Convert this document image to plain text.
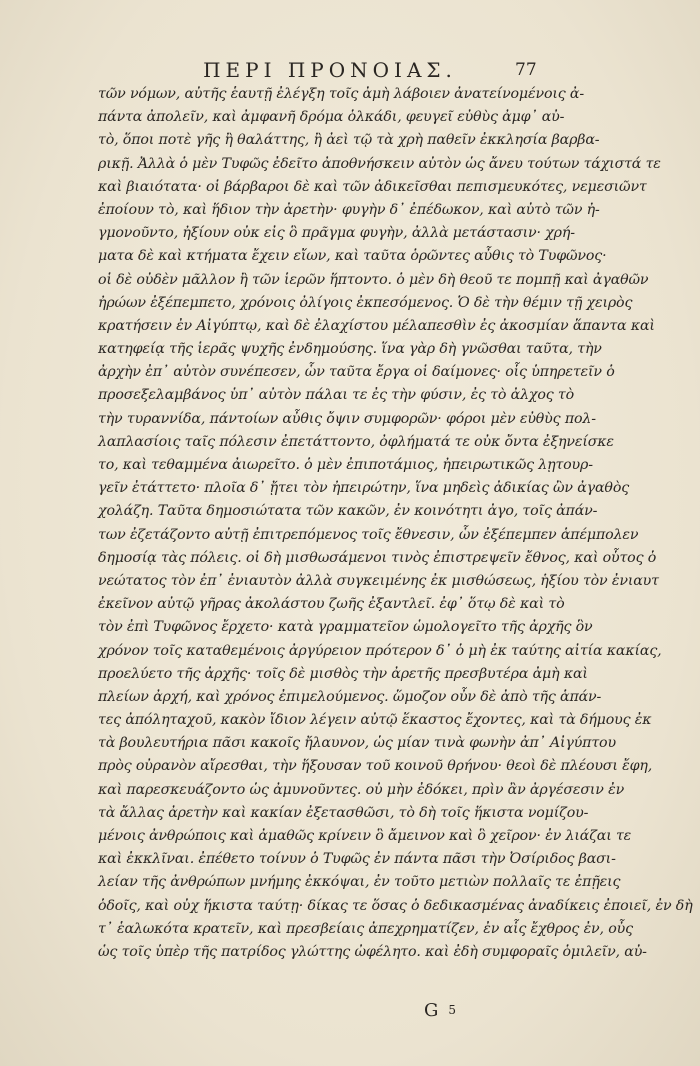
ΠΕΡΙ ΠΡΟΝΟΙΑΣ.	77
τῶν νόμων, αὐτῆς ἑαυτῇ ἐλέγξη τοῖς ἀμὴ λάβοιεν ἀνατείνομένοις ἀ-
πάντα ἀπολεῖν, καὶ ἀμφανῆ δρόμα ὁλκάδι, φευγεῖ εὐθὺς ἀμφ᾽ αὐ-
τὸ, ὅποι ποτὲ γῆς ἢ θαλάττης, ἢ ἀεὶ τῷ τὰ χρὴ παθεῖν ἐκκλησία βαρβα-
ρικῇ. Ἀλλὰ ὁ μὲν Τυφῶς ἐδεῖτο ἀποθνήσκειν αὐτὸν ὡς ἄνευ τούτων τάχιστά τε
καὶ βιαιότατα· οἱ βάρβαροι δὲ καὶ τῶν ἀδικεῖσθαι πεπισμευκότες, νεμεσιῶντ
ἐποίουν τὸ, καὶ ἥδιον τὴν ἀρετὴν· φυγὴν δ᾽ ἐπέδωκον, καὶ αὐτὸ τῶν ἠ-
γμονοῦντο, ἠξίουν οὐκ εἰς ὃ πρᾶγμα φυγὴν, ἀλλὰ μετάστασιν· χρή-
ματα δὲ καὶ κτήματα ἔχειν εἴων, καὶ ταῦτα ὁρῶντες αὖθις τὸ Τυφῶνος·
οἱ δὲ οὐδὲν μᾶλλον ἢ τῶν ἱερῶν ἥπτοντο. ὁ μὲν δὴ θεοῦ τε πομπῇ καὶ ἀγαθῶν
ἠρώων ἐξέπεμπετο, χρόνοις ὀλίγοις ἐκπεσόμενος. Ὁ δὲ τὴν θέμιν τῇ χειρὸς
κρατήσειν ἐν Αἰγύπτῳ, καὶ δὲ ἐλαχίστου μέλαπεσθὶν ἐς ἀκοσμίαν ἅπαντα καὶ
κατηφείᾳ τῆς ἱερᾶς ψυχῆς ἐνδημούσης. ἵνα γὰρ δὴ γνῶσθαι ταῦτα, τὴν
ἀρχὴν ἐπ᾽ αὐτὸν συνέπεσεν, ὧν ταῦτα ἔργα οἱ δαίμονες· οἷς ὑπηρετεῖν ὁ
προσεξελαμβάνος ὑπ᾽ αὐτὸν πάλαι τε ἐς τὴν φύσιν, ἐς τὸ ἀλχος τὸ
τὴν τυραννίδα, πάντοίων αὖθις ὄψιν συμφορῶν· φόροι μὲν εὐθὺς πολ-
λαπλασίοις ταῖς πόλεσιν ἐπετάττοντο, ὀφλήματά τε οὐκ ὄντα ἐξηνείσκε
το, καὶ τεθαμμένα ἀιωρεῖτο. ὁ μὲν ἐπιποτάμιος, ἠπειρωτικῶς λῃτουρ-
γεῖν ἐτάττετο· πλοῖα δ᾽ ᾔτει τὸν ἠπειρώτην, ἵνα μηδεὶς ἀδικίας ὢν ἀγαθὸς
χολάζη. Ταῦτα δημοσιώτατα τῶν κακῶν, ἐν κοινότητι ἀγο, τοῖς ἀπάν-
των ἐζετάζοντο αὐτῇ ἐπιτρεπόμενος τοῖς ἔθνεσιν, ὧν ἐξέπεμπεν ἁπέμπολεν
δημοσίᾳ τὰς πόλεις. οἱ δὴ μισθωσάμενοι τινὸς ἐπιστρεψεῖν ἔθνος, καὶ οὗτος ὁ
νεώτατος τὸν ἐπ᾽ ἐνιαυτὸν ἀλλὰ συγκειμένης ἐκ μισθώσεως, ἡξίου τὸν ἐνιαυτ
ἐκεῖνον αὐτῷ γῆρας ἀκολάστου ζωῆς ἐξαντλεῖ. ἐφ᾽ ὅτῳ δὲ καὶ τὸ
τὸν ἐπὶ Τυφῶνος ἔρχετο· κατὰ γραμματεῖον ὡμολογεῖτο τῆς ἀρχῆς ὃν
χρόνον τοῖς καταθεμένοις ἀργύρειον πρότερον δ᾽ ὁ μὴ ἐκ ταύτης αἰτία κακίας,
προελύετο τῆς ἀρχῆς· τοῖς δὲ μισθὸς τὴν ἀρετῆς πρεσβυτέρα ἀμὴ καὶ
πλείων ἀρχή, καὶ χρόνος ἐπιμελούμενος. ὥμοζον οὖν δὲ ἀπὸ τῆς ἁπάν-
τες ἀπόληταχοῦ, κακὸν ἴδιον λέγειν αὐτῷ ἕκαστος ἔχοντες, καὶ τὰ δήμους ἐκ
τὰ βουλευτήρια πᾶσι κακοῖς ἤλαυνον, ὡς μίαν τινὰ φωνὴν ἀπ᾽ Αἰγύπτου
πρὸς οὐρανὸν αἴρεσθαι, τὴν ἥξουσαν τοῦ κοινοῦ θρήνου· θεοὶ δὲ πλέουσι ἔφη,
καὶ παρεσκευάζοντο ὡς ἀμυνοῦντες. οὐ μὴν ἐδόκει, πρὶν ἂν ἀργέσεσιν ἐν
τὰ ἄλλας ἀρετὴν καὶ κακίαν ἐξετασθῶσι, τὸ δὴ τοῖς ἥκιστα νομίζου-
μένοις ἀνθρώποις καὶ ἀμαθῶς κρίνειν ὃ ἄμεινον καὶ ὃ χεῖρον· ἐν λιάζαι τε
καὶ ἐκκλῖναι. ἐπέθετο τοίνυν ὁ Τυφῶς ἐν πάντα πᾶσι τὴν Ὀσίριδος βασι-
λείαν τῆς ἀνθρώπων μνήμης ἐκκόψαι, ἐν τοῦτο μετιὼν πολλαῖς τε ἐπῇεις
ὁδοῖς, καὶ οὐχ ἥκιστα ταύτῃ· δίκας τε ὅσας ὁ δεδικασμένας ἀναδίκεις ἐποιεῖ, ἐν δὴ
τ᾽ ἑαλωκότα κρατεῖν, καὶ πρεσβείαις ἀπεχρηματίζεν, ἐν αἷς ἔχθρος ἐν, οὖς
ὡς τοῖς ὑπὲρ τῆς πατρίδος γλώττης ὠφέλητο. καὶ ἐδὴ συμφοραῖς ὁμιλεῖν, αὐ-
G 5
